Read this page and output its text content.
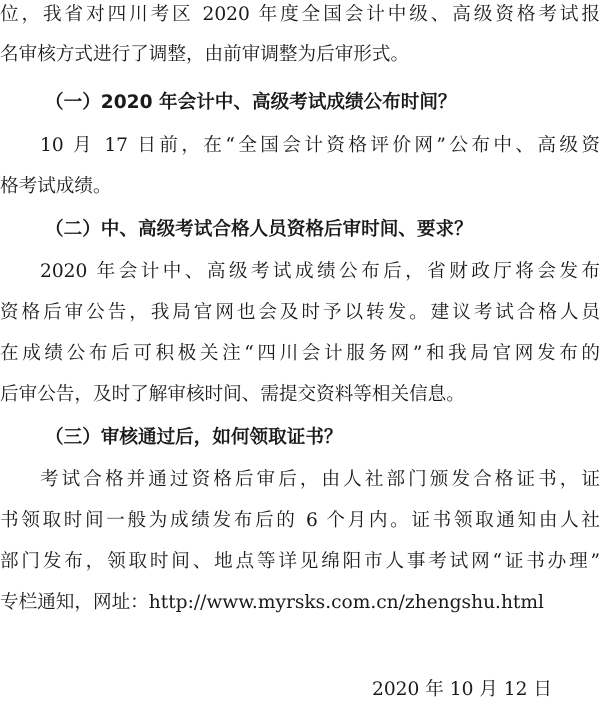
位，我省对四川考区 2020 年度全国会计中级、高级资格考试报

名审核方式进行了调整，由前审调整为后审形式。

（一）2020 年会计中、高级考试成绩公布时间？

10 月 17 日前，在“全国会计资格评价网”公布中、高级资

格考试成绩。

（二）中、高级考试合格人员资格后审时间、要求？

2020 年会计中、高级考试成绩公布后，省财政厅将会发布

资格后审公告，我局官网也会及时予以转发。建议考试合格人员

在成绩公布后可积极关注“四川会计服务网”和我局官网发布的

后审公告，及时了解审核时间、需提交资料等相关信息。

（三）审核通过后，如何领取证书？

考试合格并通过资格后审后，由人社部门颁发合格证书，证

书领取时间一般为成绩发布后的 6 个月内。证书领取通知由人社

部门发布，领取时间、地点等详见绵阳市人事考试网“证书办理”

专栏通知，网址：http://www.myrsks.com.cn/zhengshu.html

2020 年 10 月 12 日
